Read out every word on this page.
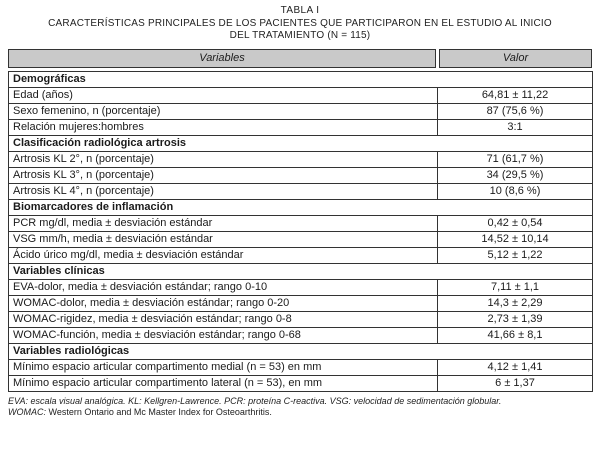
TABLA I
CARACTERÍSTICAS PRINCIPALES DE LOS PACIENTES QUE PARTICIPARON EN EL ESTUDIO AL INICIO
DEL TRATAMIENTO (N = 115)
Variables	Valor
Demográficas	
Edad (años)	64,81 ± 11,22
Sexo femenino, n (porcentaje)	87 (75,6 %)
Relación mujeres:hombres	3:1
Clasificación radiológica artrosis	
Artrosis KL 2°, n (porcentaje)	71 (61,7 %)
Artrosis KL 3°, n (porcentaje)	34 (29,5 %)
Artrosis KL 4°, n (porcentaje)	10 (8,6 %)
Biomarcadores de inflamación	
PCR mg/dl, media ± desviación estándar	0,42 ± 0,54
VSG mm/h, media ± desviación estándar	14,52 ± 10,14
Ácido úrico mg/dl, media ± desviación estándar	5,12 ± 1,22
Variables clínicas	
EVA-dolor, media ± desviación estándar; rango 0-10	7,11 ± 1,1
WOMAC-dolor, media ± desviación estándar; rango 0-20	14,3 ± 2,29
WOMAC-rigidez, media ± desviación estándar; rango 0-8	2,73 ± 1,39
WOMAC-función, media ± desviación estándar; rango 0-68	41,66 ± 8,1
Variables radiológicas	
Mínimo espacio articular compartimento medial (n = 53) en mm	4,12 ± 1,41
Mínimo espacio articular compartimento lateral (n = 53), en mm	6 ± 1,37
EVA: escala visual analógica. KL: Kellgren-Lawrence. PCR: proteína C-reactiva. VSG: velocidad de sedimentación globular.
WOMAC: Western Ontario and Mc Master Index for Osteoarthritis.
